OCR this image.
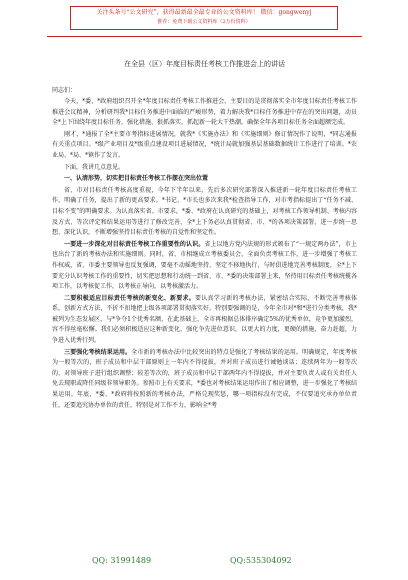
关注头条号“公文研究”，获得最新最全最专业的公文资料库！ 微信：gongwenyj
推荐：免费下载公文资料库（2万份资料）
在全县（区）年度目标责任考核工作推进会上的讲话
同志们：

今天，*委、*政府组织召开全*年度目标责任考核工作推进会，主要目的是贯彻落实全市年度目标责任考核工作推进会议精神，分析研判我*目标任务推进中面临的严峻形势，着力解决我*目标任务推进中存在的突出问题，动员全*上下围绕年度目标任务，强化措施、狠抓落实，抓起新一轮大干热潮，确保全年各项目标任务全面超额完成。

刚才，*通报了全*主要市考指标进展情况，就我*《实施办法》和《实施细则》修订情况作了说明，*同志通报有关重点项目。*级产业项目及*级重点建设项目进展情况，*统计局就加强基层基础数据统计工作进行了培训。*农业局、*局、*镇作了发言。

下面，我讲几点意见。

一、认清形势，切实把目标责任考核工作摆在突出位置

省、市对目标责任考核高度重视，今年下半年以来，先后多次研究部署深入推进新一轮年度目标责任考核工作，明确了任务，提出了新的更高要求。*书记、*市长也多次来我*检查指导工作，对市考指标提出了“任务不减、目标不变”的明确要求。为认真落实省、市要求，*委、*政府在认真研究的基础上，对考核工作领导机制、考核内容及方式、等次评定和结果运用等进行了修改完善，全*上下务必认真贯彻省、市、*的各项决策部署，进一步统一思想、深化认识，不断增强坚持目标责任考核的自觉性和坚定性。

一要进一步深化对目标责任考核工作重要性的认识。省上以地方党内法规的形式颁布了“一规定两办法”，市上也出台了新的考核办法和实施细则。同时，省、市相继成立考核委员会，全面负责考核工作，进一步增强了考核工作权威，省、市委主要领导也反复强调，要毫不动摇地坚持、坚定不移地执行、与时俱进地完善考核制度，全*上下要充分认识考核工作的重要性，切实把思想和行动统一到省、市、*委的决策部署上来，坚持用目标责任考核统揽各项工作，以考核促工作，以考核正导向，以考核激活力。

二要积极适应目标责任考核的新变化、新要求。要认真学习新的考核办法，紧密结合实际，不断完善考核体系，创新方式方法，不折不扣地把上级各项部署贯彻落实好。特别要强调的是，今年全市对*和*进行分类考核，我*被列为生态发展区，与*争夺1个优秀名额，在此基础上，全市再根据总体排序确定5%的优秀单位，竞争更加激烈，容不得丝毫松懈。我们必须积极适应这种新变化，强化争先进位意识，以更大的力度，更硬的措施，奋力赶超，力争进入优秀行列。

三要强化考核结果运用。全市新的考核办法中比较突出的特点是强化了考核结果的运用。明确规定，年度考核为一般等次的，班子成员和中层干部原则上一年内不得提拔，并对班子成员进行诫勉谈话；连续两年为一般等次的，对领导班子进行组织调整；较差等次的，班子成员和中层干部两年内不得提拔，并对主要负责人或有关责任人免去现职或降任同级非领导职务。参照市上有关要求，*委也对考核结果运用作出了相应调整，进一步强化了考核结果运用。年底，*委、*政府将按照新的考核办法，严格兑现奖惩，哪一项指标没有完成，不仅要追究承办单位责任，还要追究协办单位的责任，特别是对工作不力，影响全*考

QQ: 31991489	QQ:535304092
